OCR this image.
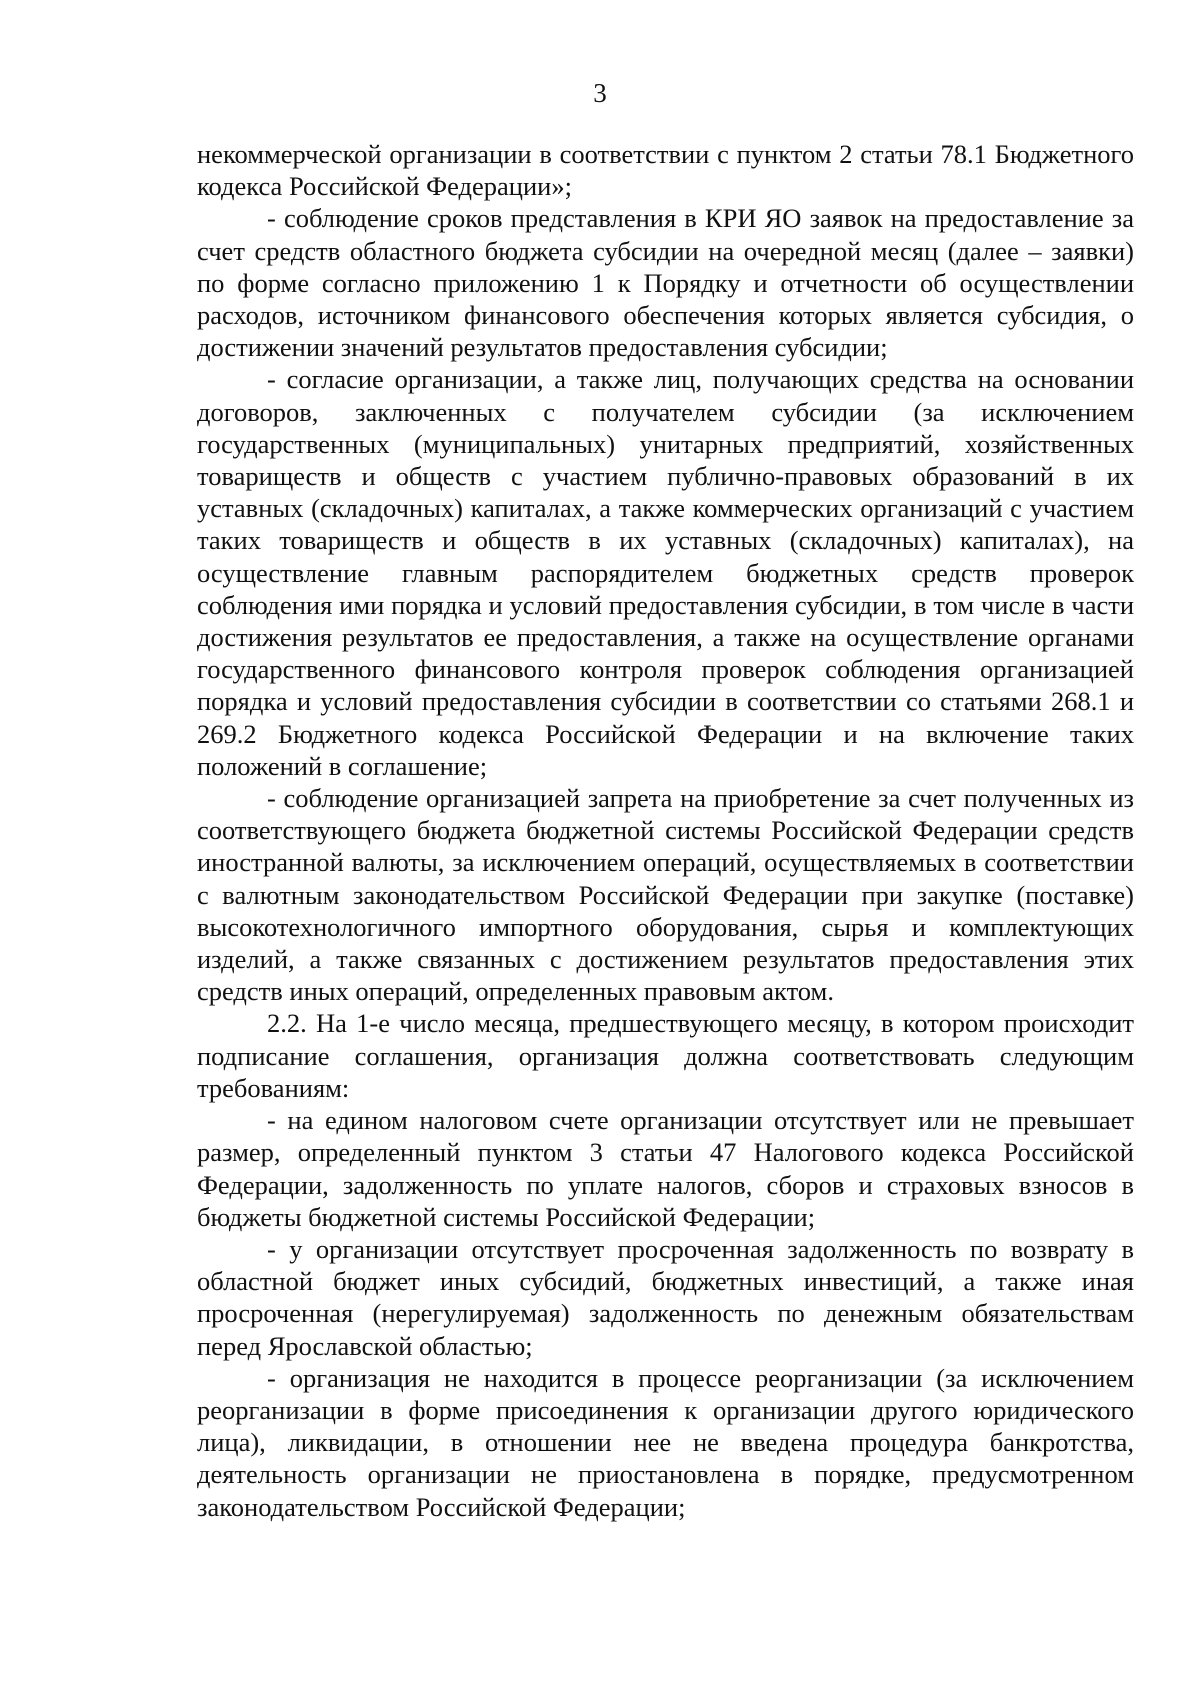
3

некоммерческой организации в соответствии с пунктом 2 статьи 78.1 Бюджетного кодекса Российской Федерации»;

- соблюдение сроков представления в КРИ ЯО заявок на предоставление за счет средств областного бюджета субсидии на очередной месяц (далее – заявки) по форме согласно приложению 1 к Порядку и отчетности об осуществлении расходов, источником финансового обеспечения которых является субсидия, о достижении значений результатов предоставления субсидии;

- согласие организации, а также лиц, получающих средства на основании договоров, заключенных с получателем субсидии (за исключением государственных (муниципальных) унитарных предприятий, хозяйственных товариществ и обществ с участием публично-правовых образований в их уставных (складочных) капиталах, а также коммерческих организаций с участием таких товариществ и обществ в их уставных (складочных) капиталах), на осуществление главным распорядителем бюджетных средств проверок соблюдения ими порядка и условий предоставления субсидии, в том числе в части достижения результатов ее предоставления, а также на осуществление органами государственного финансового контроля проверок соблюдения организацией порядка и условий предоставления субсидии в соответствии со статьями 268.1 и 269.2 Бюджетного кодекса Российской Федерации и на включение таких положений в соглашение;

- соблюдение организацией запрета на приобретение за счет полученных из соответствующего бюджета бюджетной системы Российской Федерации средств иностранной валюты, за исключением операций, осуществляемых в соответствии с валютным законодательством Российской Федерации при закупке (поставке) высокотехнологичного импортного оборудования, сырья и комплектующих изделий, а также связанных с достижением результатов предоставления этих средств иных операций, определенных правовым актом.

2.2. На 1-е число месяца, предшествующего месяцу, в котором происходит подписание соглашения, организация должна соответствовать следующим требованиям:

- на едином налоговом счете организации отсутствует или не превышает размер, определенный пунктом 3 статьи 47 Налогового кодекса Российской Федерации, задолженность по уплате налогов, сборов и страховых взносов в бюджеты бюджетной системы Российской Федерации;

- у организации отсутствует просроченная задолженность по возврату в областной бюджет иных субсидий, бюджетных инвестиций, а также иная просроченная (нерегулируемая) задолженность по денежным обязательствам перед Ярославской областью;

- организация не находится в процессе реорганизации (за исключением реорганизации в форме присоединения к организации другого юридического лица), ликвидации, в отношении нее не введена процедура банкротства, деятельность организации не приостановлена в порядке, предусмотренном законодательством Российской Федерации;
